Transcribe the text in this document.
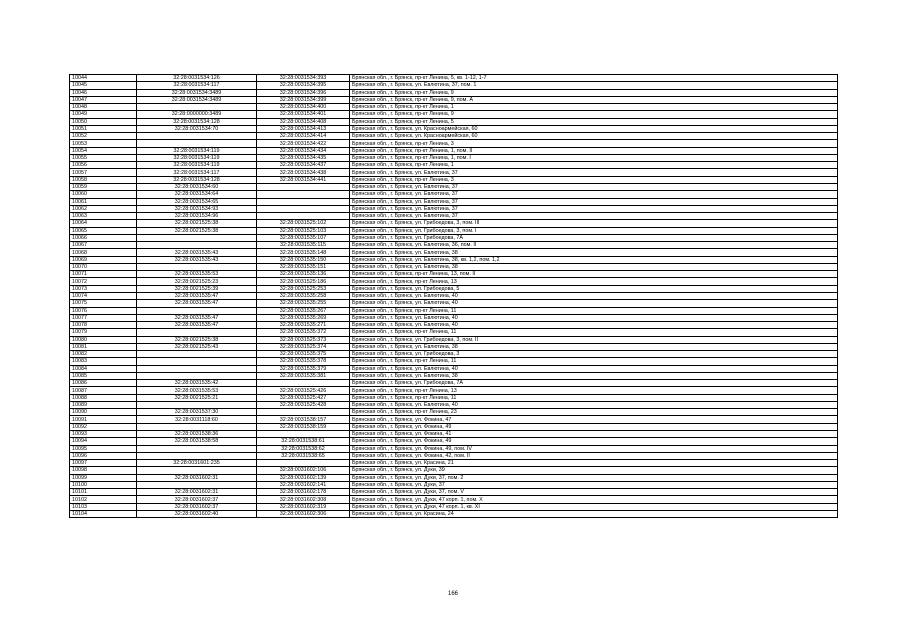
10044	32:28:0031534:126	32:28:0031534:393	Брянская обл., г. Брянск, пр-кт Ленина, 5, кв. 1-12, 1-7
10045	32:28:0031534:117	32:28:0031534:395	Брянская обл., г. Брянск, ул. Евлютина, 37, пом. 1
10046	32:28:0031534:3489	32:28:0031534:396	Брянская обл., г. Брянск, пр-кт Ленина, 9
10047	32:28:0031534:3489	32:28:0031534:399	Брянская обл., г. Брянск, пр-кт Ленина, 9, пом. А
10048		32:28:0031534:400	Брянская обл., г. Брянск, пр-кт Ленина, 1
10049	32:28:0000000:3489	32:28:0031534:401	Брянская обл., г. Брянск, пр-кт Ленина, 9
10050	32:28:0031534:128	32:28:0031534:408	Брянская обл., г. Брянск, пр-кт Ленина, 5
10051	32:28:0031534:70	32:28:0031534:413	Брянская обл., г. Брянск, ул. Красноармейская, 60
10052		32:28:0031534:414	Брянская обл., г. Брянск, ул. Красноармейская, 60
10053		32:28:0031534:422	Брянская обл., г. Брянск, пр-кт Ленина, 3
10054	32:28:0031534:119	32:28:0031534:434	Брянская обл., г. Брянск, пр-кт Ленина, 1, пом. II
10055	32:28:0031534:119	32:28:0031534:435	Брянская обл., г. Брянск, пр-кт Ленина, 1, пом. I
10056	32:28:0031534:119	32:28:0031534:437	Брянская обл., г. Брянск, пр-кт Ленина, 1
10057	32:28:0031534:117	32:28:0031534:438	Брянская обл., г. Брянск, ул. Евлютина, 37
10058	32:28:0031534:128	32:28:0031534:441	Брянская обл., г. Брянск, пр-кт Ленина, 3
10059	32:28:0031534:60		Брянская обл., г. Брянск, ул. Евлютина, 37
10060	32:28:0031534:64		Брянская обл., г. Брянск, ул. Евлютина, 37
10061	32:28:0031534:65		Брянская обл., г. Брянск, ул. Евлютина, 37
10062	32:28:0031534:93		Брянская обл., г. Брянск, ул. Евлютина, 37
10063	32:28:0031534:96		Брянская обл., г. Брянск, ул. Евлютина, 37
10064	32:28:0021525:38	32:28:0031525:102	Брянская обл., г. Брянск, ул. Грибоедова, 3, пом. III
10065	32:28:0021525:38	32:28:0031525:103	Брянская обл., г. Брянск, ул. Грибоедова, 3, пом. I
10066		32:28:0031535:107	Брянская обл., г. Брянск, ул. Грибоедова, 7А
10067		32:28:0031535:115	Брянская обл., г. Брянск, ул. Евлютина, 36, пом. II
10068	32:28:0031535:43	32:28:0031535:148	Брянская обл., г. Брянск, ул. Евлютина, 38
10069	32:28:0031535:43	32:28:0031535:150	Брянская обл., г. Брянск, ул. Евлютина, 38, кв. 1,2, пом. 1,2
10070		32:28:0031535:151	Брянская обл., г. Брянск, ул. Евлютина, 38
10071	32:28:0031535:53	32:28:0031535:136	Брянская обл., г. Брянск, пр-кт Ленина, 13, пом. II
10072	32:28:0021525:23	32:28:0031525:186	Брянская обл., г. Брянск, пр-кт Ленина, 13
10073	32:28:0021525:39	32:28:0031525:253	Брянская обл., г. Брянск, ул. Грибоедова, 5
10074	32:28:0031535:47	32:28:0031535:258	Брянская обл., г. Брянск, ул. Евлютина, 40
10075	32:28:0031535:47	32:28:0031535:255	Брянская обл., г. Брянск, ул. Евлютина, 40
10076		32:28:0031535:267	Брянская обл., г. Брянск, пр-кт Ленина, 11
10077	32:28:0031535:47	32:28:0031535:269	Брянская обл., г. Брянск, ул. Евлютина, 40
10078	32:28:0031535:47	32:28:0031535:271	Брянская обл., г. Брянск, ул. Евлютина, 40
10079		32:28:0031535:372	Брянская обл., г. Брянск, пр-кт Ленина, 11
10080	32:28:0021525:38	32:28:0031525:373	Брянская обл., г. Брянск, ул. Грибоедова, 3, пом. II
10081	32:28:0021525:43	32:28:0031525:374	Брянская обл., г. Брянск, ул. Евлютина, 38
10082		32:28:0031535:375	Брянская обл., г. Брянск, ул. Грибоедова, 3
10083		32:28:0031535:378	Брянская обл., г. Брянск, пр-кт Ленина, 11
10084		32:28:0031535:379	Брянская обл., г. Брянск, ул. Евлютина, 40
10085		32:28:0031535:381	Брянская обл., г. Брянск, ул. Евлютина, 38
10086	32:28:0031535:42		Брянская обл., г. Брянск, ул. Грибоедова, 7А
10087	32:28:0031535:53	32:28:0031525:426	Брянская обл., г. Брянск, пр-кт Ленина, 13
10088	32:28:0021525:21	32:28:0031525:427	Брянская обл., г. Брянск, пр-кт Ленина, 11
10089		32:28:0031525:428	Брянская обл., г. Брянск, ул. Евлютина, 40
10090	32:28:0031537:30		Брянская обл., г. Брянск, пр-кт Ленина, 23
10091	32:28:0031118:60	32:28:0031538:157	Брянская обл., г. Брянск, ул. Фокина, 47
10092		32:28:0031538:159	Брянская обл., г. Брянск, ул. Фокина, 49
10093	32:28:0031538:36		Брянская обл., г. Брянск, ул. Фокина, 41
10094	32:28:0031538:58	32:28:0031538:61	Брянская обл., г. Брянск, ул. Фокина, 49
10095		32:28:0031538:62	Брянская обл., г. Брянск, ул. Фокина, 49, пом. IV
10096		32:28:0031538:65	Брянская обл., г. Брянск, ул. Фокина, 42, пом. II
10097	32:28:0031601:235		Брянская обл., г. Брянск, ул. Красина, 21
10098		32:28:0031602:106	Брянская обл., г. Брянск, ул. Дуки, 39
10099	32:28:0031602:31	32:28:0031602:139	Брянская обл., г. Брянск, ул. Дуки, 37, пом. 2
10100		32:28:0031602:141	Брянская обл., г. Брянск, ул. Дуки, 37
10101	32:28:0031602:31	32:28:0031602:178	Брянская обл., г. Брянск, ул. Дуки, 37, пом. V
10102	32:28:0031602:37	32:28:0031602:308	Брянская обл., г. Брянск, ул. Дуки, 47 корп. 1, пом. X
10103	32:28:0031602:37	32:28:0031602:319	Брянская обл., г. Брянск, ул. Дуки, 47 корп. 1, кв. XI
10104	32:28:0031602:40	32:28:0031602:306	Брянская обл., г. Брянск, ул. Красина, 24
166
